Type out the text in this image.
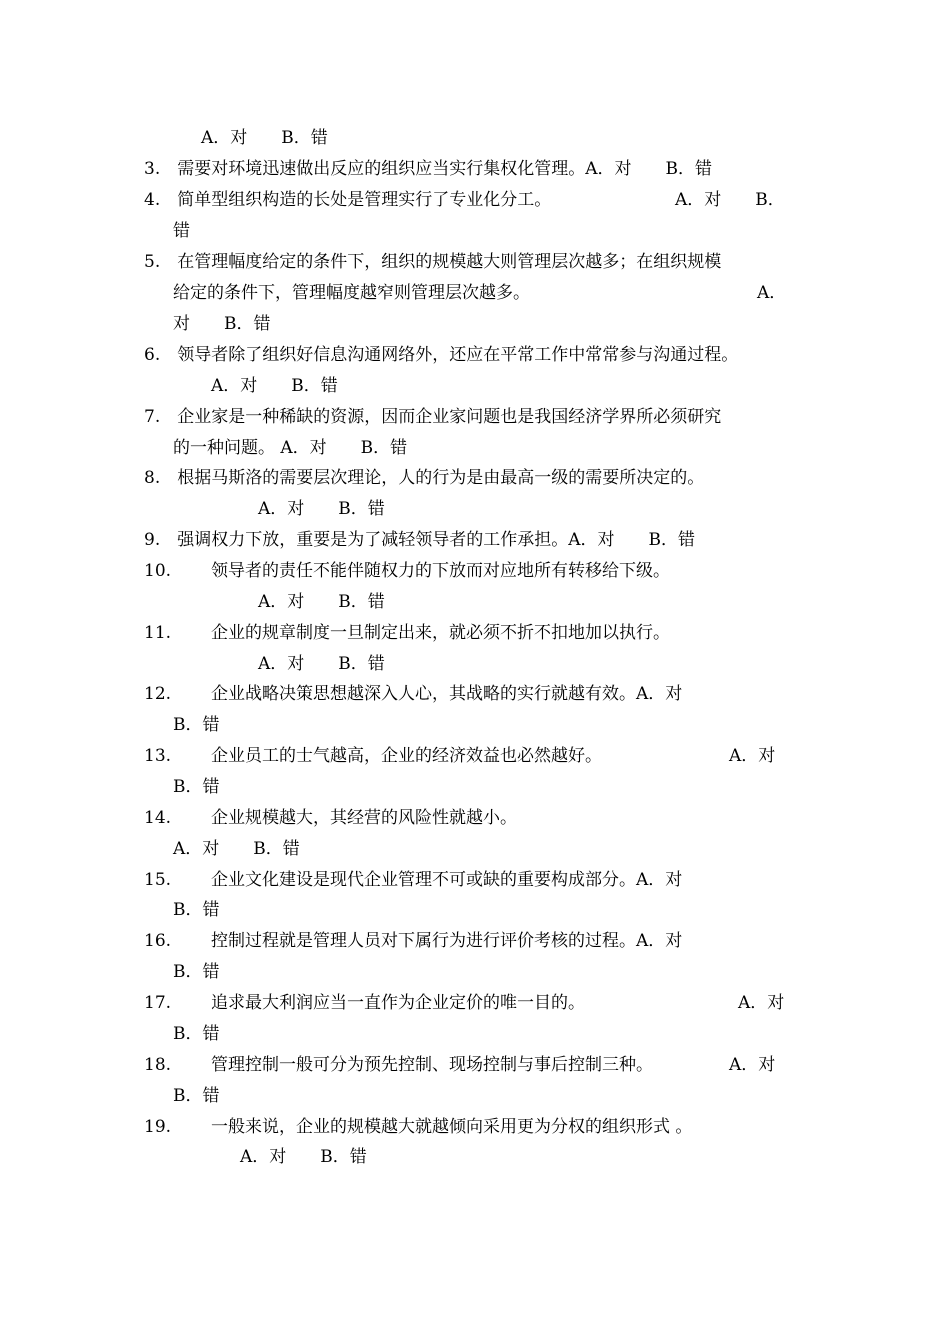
A．对　　B．错
3.　需要对环境迅速做出反应的组织应当实行集权化管理。A．对　　B．错
4.　简单型组织构造的长处是管理实行了专业化分工。	A．对　　B．
错
5.　在管理幅度给定的条件下，组织的规模越大则管理层次越多；在组织规模
给定的条件下，管理幅度越窄则管理层次越多。	A．
对　　B．错
6.　领导者除了组织好信息沟通网络外，还应在平常工作中常常参与沟通过程。
A．对　　B．错
7.　企业家是一种稀缺的资源，因而企业家问题也是我国经济学界所必须研究
的一种问题。 A．对　　B．错
8.　根据马斯洛的需要层次理论，人的行为是由最高一级的需要所决定的。
A．对　　B．错
9.　强调权力下放，重要是为了减轻领导者的工作承担。A．对　　B．错
10. 领导者的责任不能伴随权力的下放而对应地所有转移给下级。
A．对　　B．错
11. 企业的规章制度一旦制定出来，就必须不折不扣地加以执行。
A．对　　B．错
12. 企业战略决策思想越深入人心，其战略的实行就越有效。A．对
B．错
13. 企业员工的士气越高，企业的经济效益也必然越好。	A．对
B．错
14. 企业规模越大，其经营的风险性就越小。
A．对　　B．错
15. 企业文化建设是现代企业管理不可或缺的重要构成部分。A．对
B．错
16. 控制过程就是管理人员对下属行为进行评价考核的过程。A．对
B．错
17. 追求最大利润应当一直作为企业定价的唯一目的。	A．对
B．错
18. 管理控制一般可分为预先控制、现场控制与事后控制三种。	A．对
B．错
19. 一般来说，企业的规模越大就越倾向采用更为分权的组织形式 。
A．对　　B．错
